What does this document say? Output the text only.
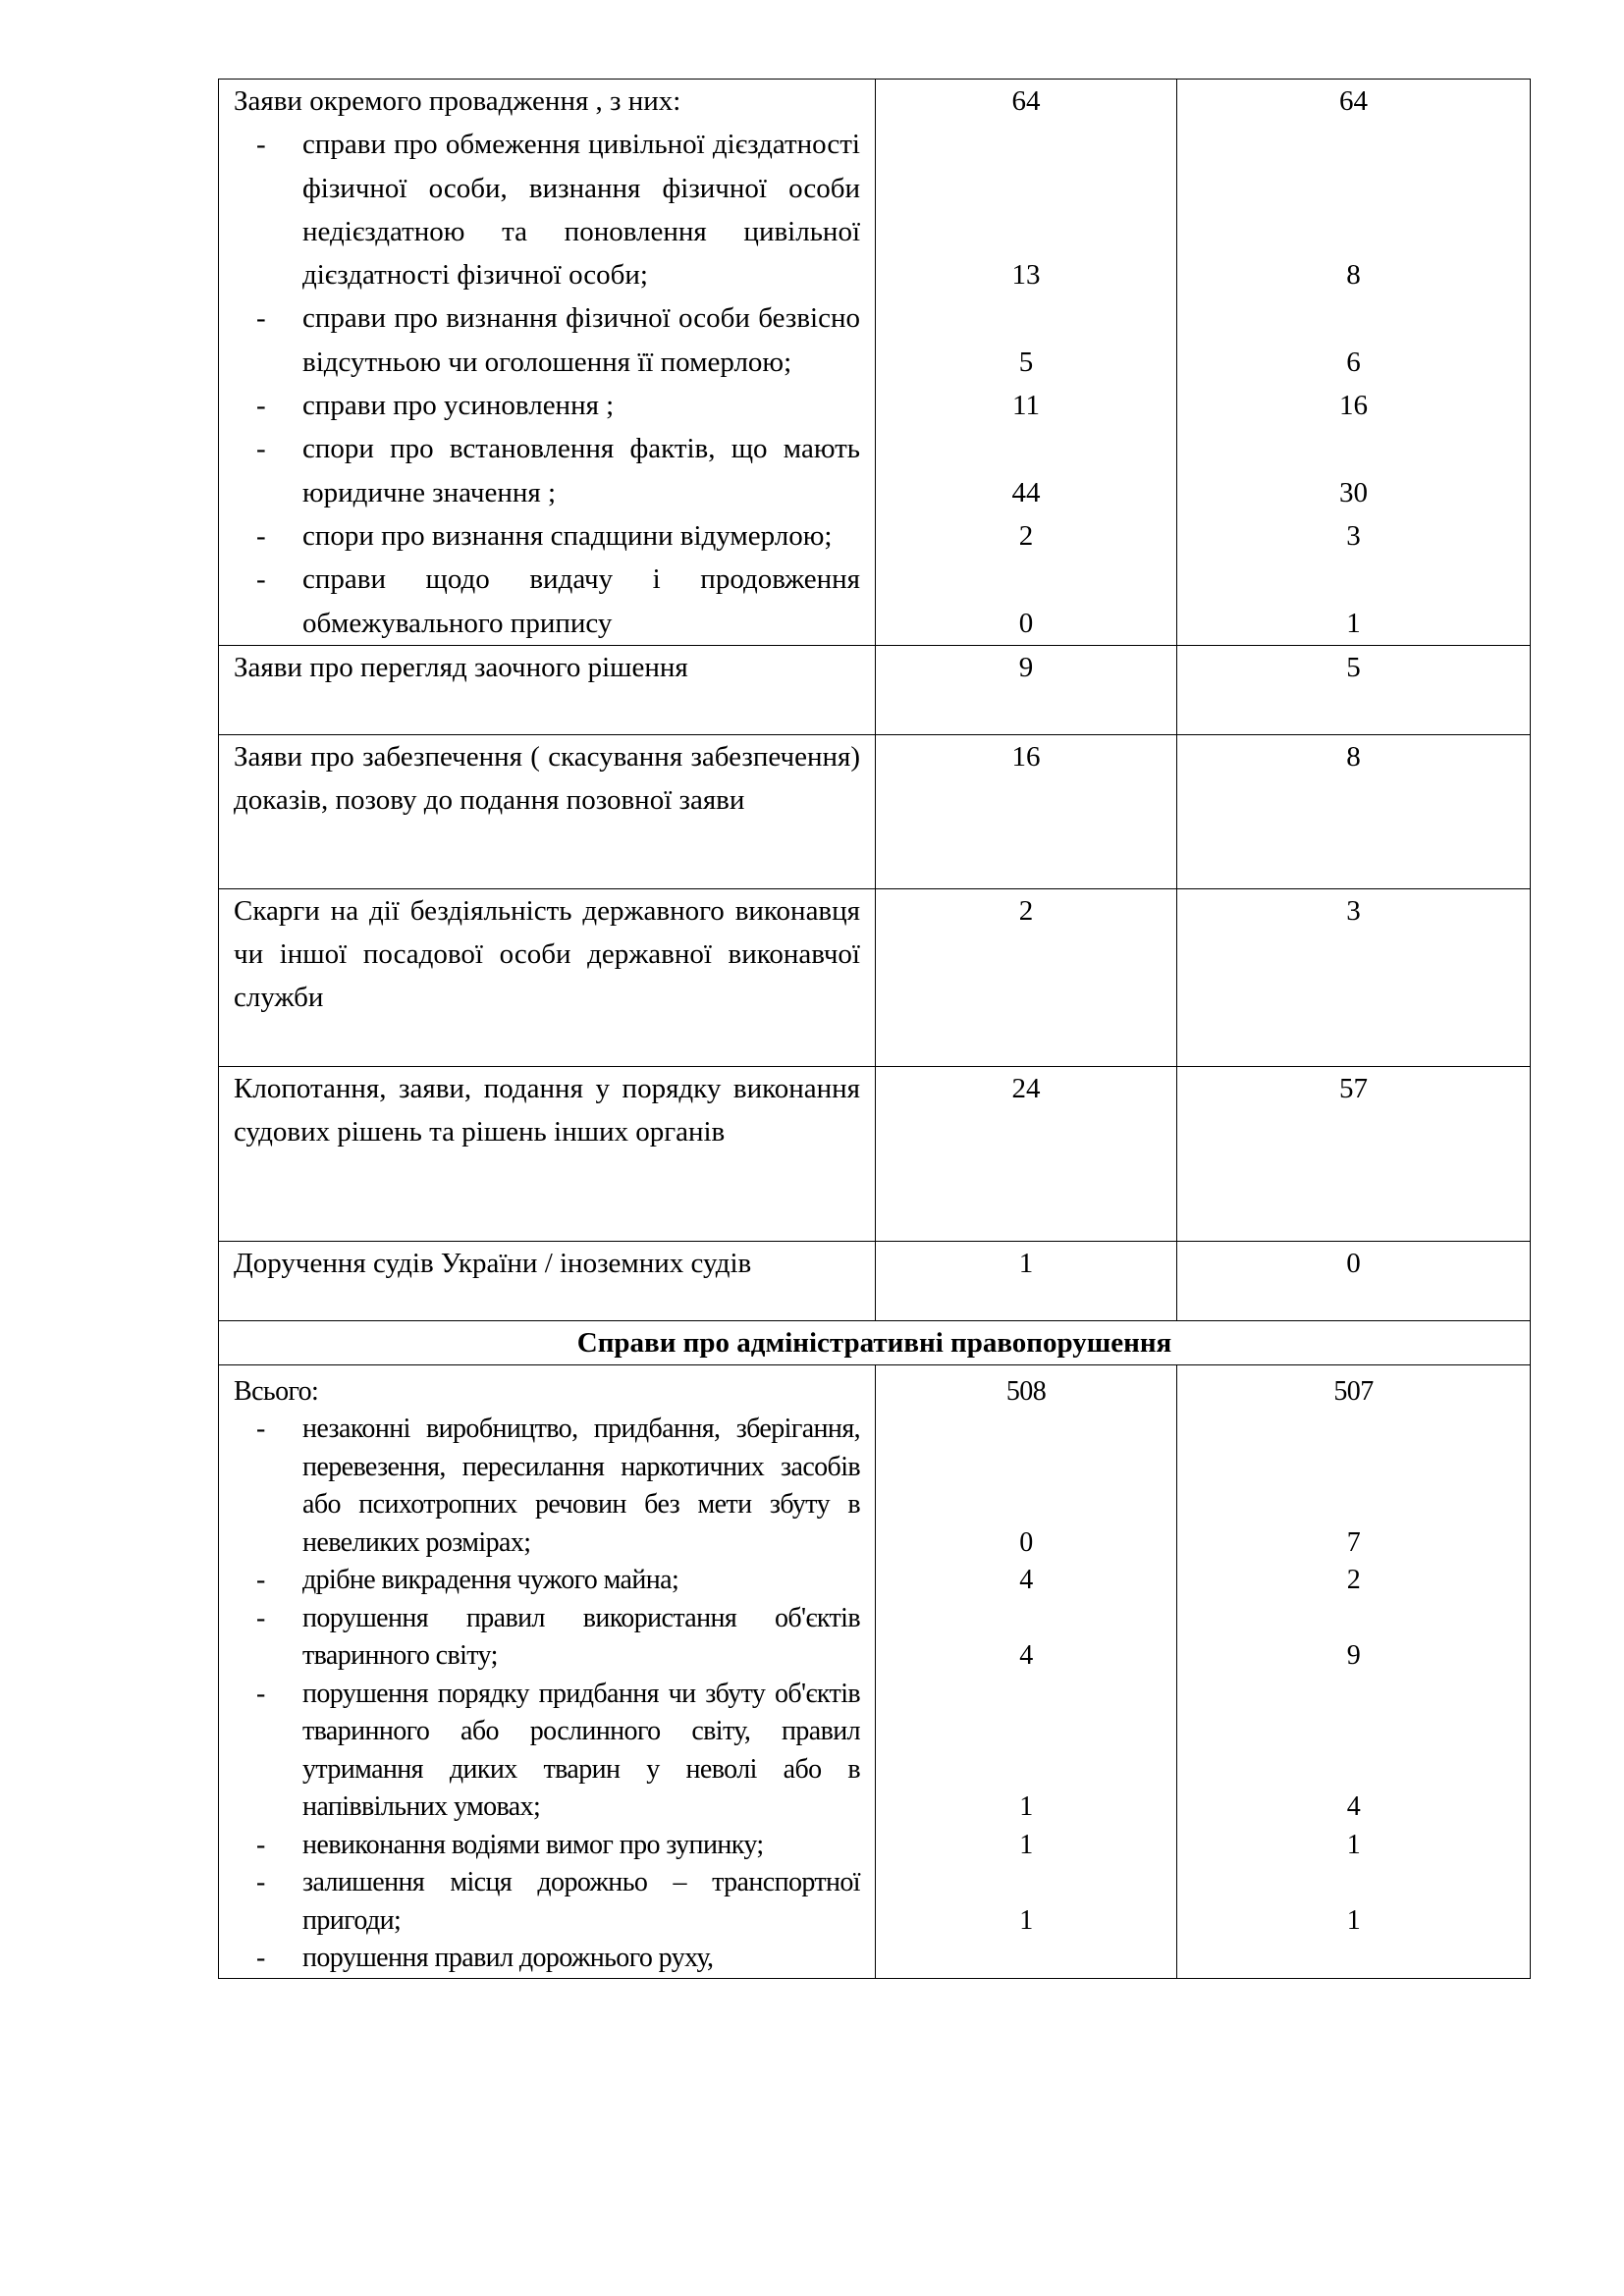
Заяви окремого провадження , з них:	64	64

- справи про обмеження цивільної дієздатності фізичної особи, визнання фізичної особи недієздатною та поновлення цивільної дієздатності фізичної особи;	13	8

- справи про визнання фізичної особи безвісно відсутньою чи оголошення її померлою;	5	6

- справи про усиновлення ;	11	16

- спори про встановлення фактів, що мають юридичне значення ;	44	30

- спори про визнання спадщини відумерлою;	2	3

- справи щодо видачу і продовження обмежувального припису	0	1
Заяви про перегляд заочного рішення	9	5
Заяви про забезпечення ( скасування забезпечення) доказів, позову до подання позовної заяви	16	8
Скарги на дії бездіяльність державного виконавця чи іншої посадової особи державної виконавчої служби	2	3
Клопотання, заяви, подання у порядку виконання судових рішень та рішень інших органів	24	57
Доручення судів України / іноземних судів	1	0
Справи про адміністративні правопорушення		
Всього:	508	507

- незаконні виробництво, придбання, зберігання, перевезення, пересилання наркотичних засобів або психотропних речовин без мети збуту в невеликих розмірах;	0	7

- дрібне викрадення чужого майна;	4	2

- порушення правил використання об'єктів тваринного світу;	4	9

- порушення порядку придбання чи збуту об'єктів тваринного або рослинного світу, правил утримання диких тварин у неволі або в напіввільних умовах;	1	4

- невиконання водіями вимог про зупинку;	1	1

- залишення місця дорожньо – транспортної пригоди;	1	1

- порушення правил дорожнього руху,		
